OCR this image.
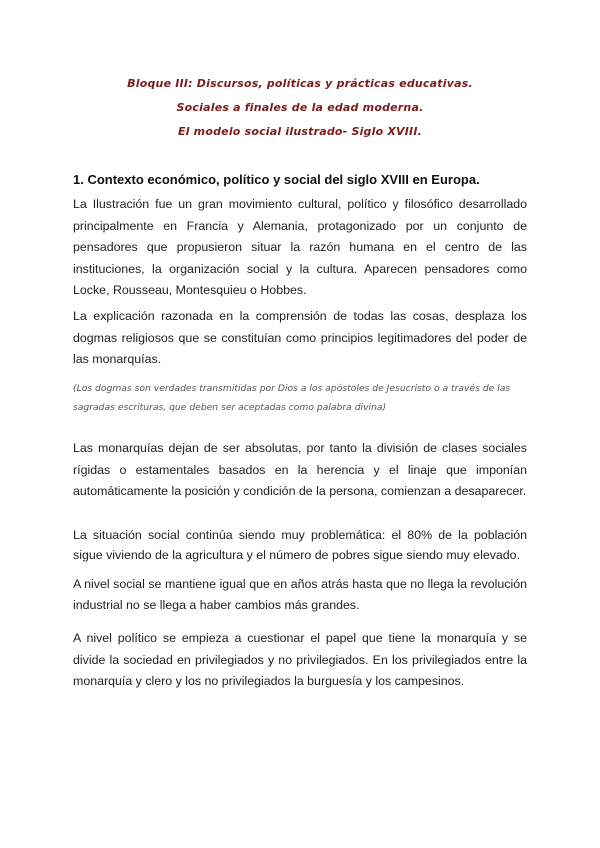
Bloque III: Discursos, políticas y prácticas educativas.
Sociales a finales de la edad moderna.
El modelo social ilustrado- Siglo XVIII.
1. Contexto económico, político y social del siglo XVIII en Europa.

La Ilustración fue un gran movimiento cultural, político y filosófico desarrollado principalmente en Francia y Alemania, protagonizado por un conjunto de pensadores que propusieron situar la razón humana en el centro de las instituciones, la organización social y la cultura. Aparecen pensadores como Locke, Rousseau, Montesquieu o Hobbes.

La explicación razonada en la comprensión de todas las cosas, desplaza los dogmas religiosos que se constituían como principios legitimadores del poder de las monarquías.

(Los dogmas son verdades transmitidas por Dios a los apóstoles de Jesucristo o a través de las sagradas escrituras, que deben ser aceptadas como palabra divina)

Las monarquías dejan de ser absolutas, por tanto la división de clases sociales rígidas o estamentales basados en la herencia y el linaje que imponían automáticamente la posición y condición de la persona, comienzan a desaparecer.

La situación social continúa siendo muy problemática: el 80% de la población sigue viviendo de la agricultura y el número de pobres sigue siendo muy elevado.

A nivel social se mantiene igual que en años atrás hasta que no llega la revolución industrial no se llega a haber cambios más grandes.

A nivel político se empieza a cuestionar el papel que tiene la monarquía y se divide la sociedad en privilegiados y no privilegiados. En los privilegiados entre la monarquía y clero y los no privilegiados la burguesía y los campesinos.
